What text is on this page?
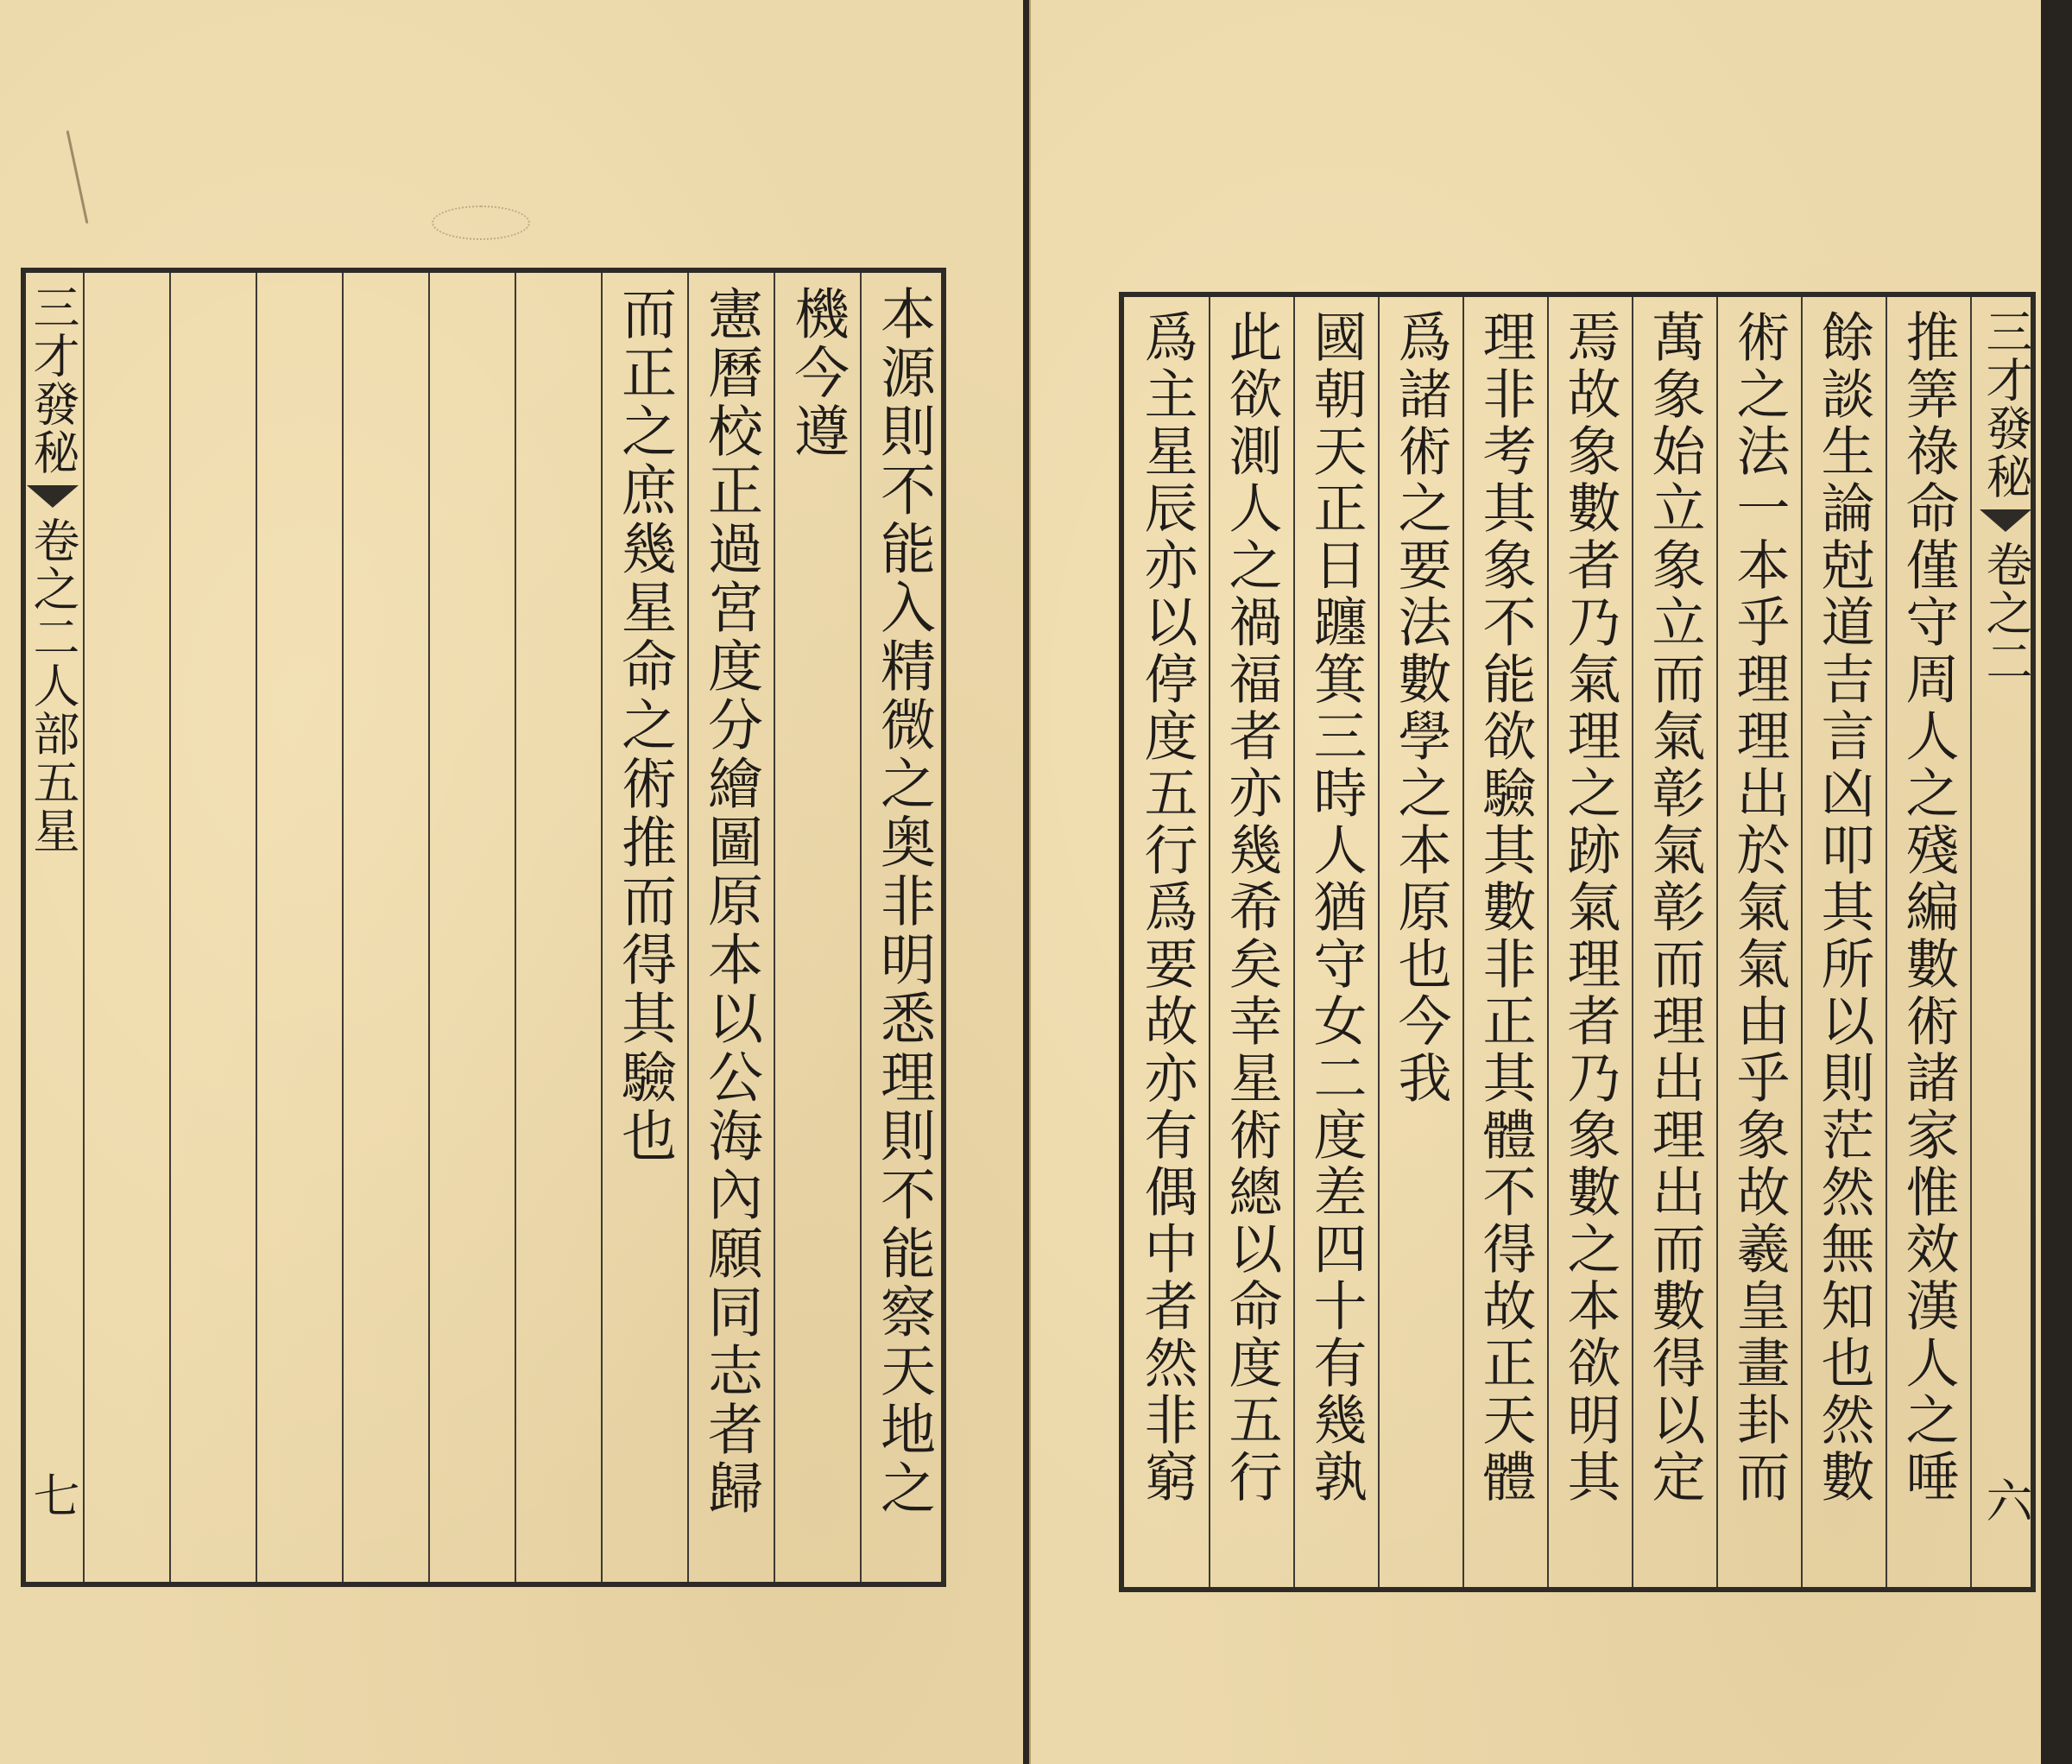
三才發秘
卷之二
人部五星
七	本源則不能入精微之奥非明悉理則不能察天地之
機今遵
憲曆校正過宮度分繪圖原本以公海內願同志者歸
而正之庶幾星命之術推而得其驗也	推筭祿命僅守周人之殘編數術諸家惟效漢人之唾
餘談生論尅道吉言凶叩其所以則茫然無知也然數
術之法一本乎理理出於氣氣由乎象故羲皇畫卦而
萬象始立象立而氣彰氣彰而理出理出而數得以定
焉故象數者乃氣理之跡氣理者乃象數之本欲明其
理非考其象不能欲驗其數非正其體不得故正天體
爲諸術之要法數學之本原也今我
國朝天正日躔箕三時人猶守女二度差四十有幾孰
此欲測人之禍福者亦幾希矣幸星術總以命度五行
爲主星辰亦以停度五行爲要故亦有偶中者然非窮	三才發秘
卷之二
六
